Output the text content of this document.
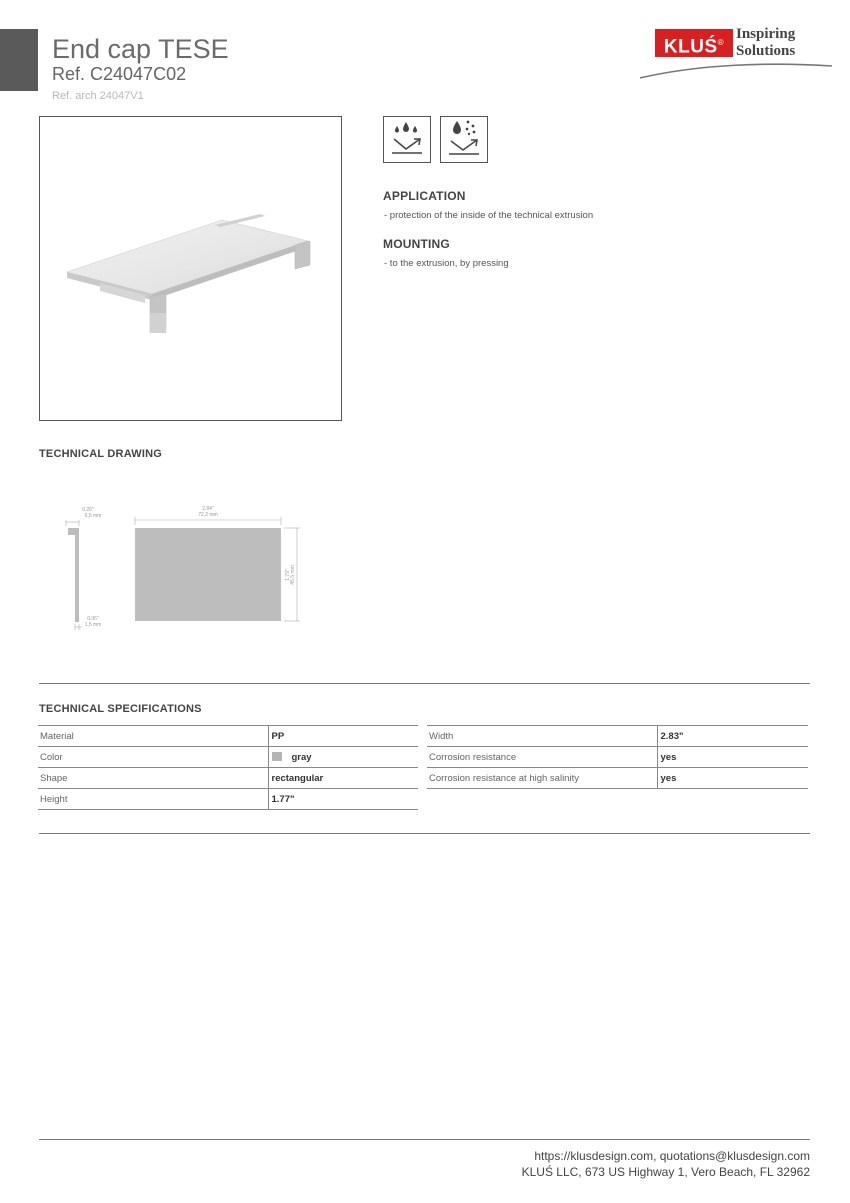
End cap TESE
Ref. C24047C02
Ref. arch 24047V1
KLUŚ®
Inspiring
Solutions
APPLICATION
- protection of the inside of the technical extrusion
MOUNTING
- to the extrusion, by pressing
TECHNICAL DRAWING
0.26"
6,5 mm
0.06"
1,5 mm
2.84"
72,2 mm
1.79" 45,5 mm
TECHNICAL SPECIFICATIONS
Material	PP
Color	gray
Shape	rectangular
Height	1.77"
Width	2.83"
Corrosion resistance	yes
Corrosion resistance at high salinity	yes
https://klusdesign.com, quotations@klusdesign.com
KLUŚ LLC, 673 US Highway 1, Vero Beach, FL 32962
